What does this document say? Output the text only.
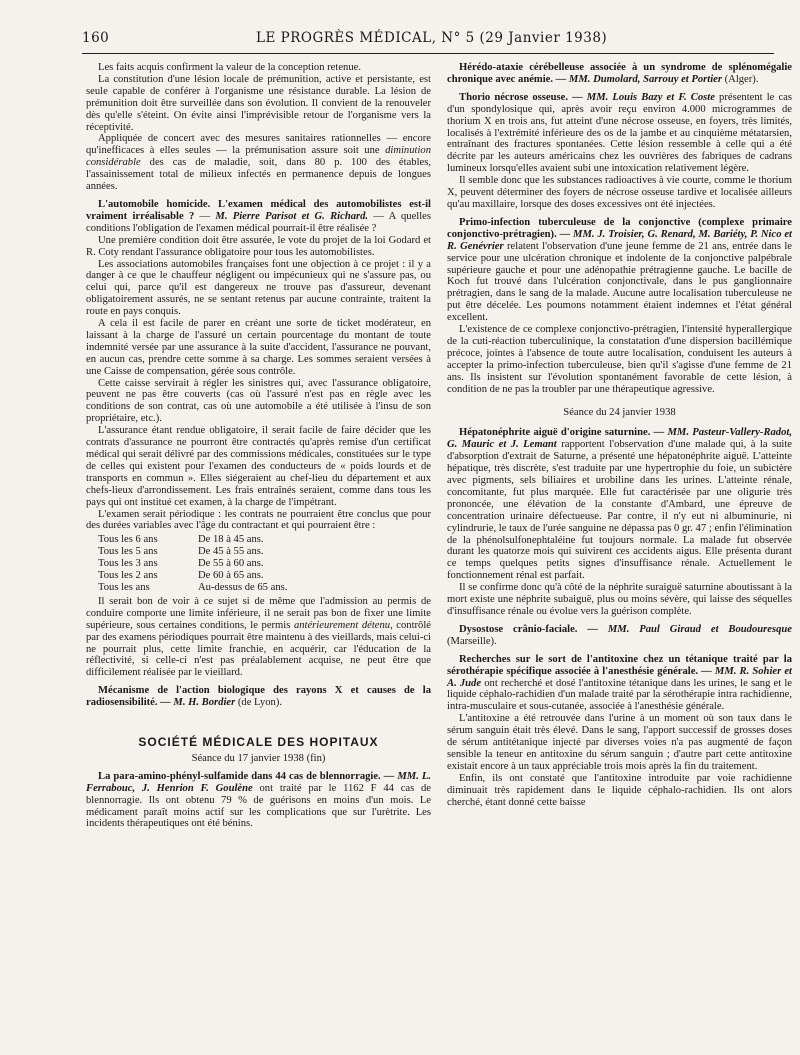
160	LE PROGRÈS MÉDICAL, N° 5 (29 Janvier 1938)

Les faits acquis confirment la valeur de la conception retenue.

La constitution d'une lésion locale de prémunition, active et persistante, est seule capable de conférer à l'organisme une résistance durable. La lésion de prémunition doit être surveillée dans son évolution. Il convient de la renouveler dès qu'elle s'éteint. On évite ainsi l'imprévisible retour de l'organisme vers la réceptivité.

Appliquée de concert avec des mesures sanitaires rationnelles — encore qu'inefficaces à elles seules — la prémunisation assure soit une diminution considérable des cas de maladie, soit, dans 80 p. 100 des étables, l'assainissement total de milieux infectés en permanence depuis de longues années.

L'automobile homicide. L'examen médical des automobilistes est-il vraiment irréalisable ? — M. Pierre Parisot et G. Richard. — A quelles conditions l'obligation de l'examen médical pourrait-il être réalisée ?

Une première condition doit être assurée, le vote du projet de la loi Godard et R. Coty rendant l'assurance obligatoire pour tous les automobilistes.

Les associations automobiles françaises font une objection à ce projet : il y a danger à ce que le chauffeur négligent ou impécunieux qui ne s'assure pas, ou celui qui, parce qu'il est dangereux ne trouve pas d'assureur, devenant obligatoirement assurés, ne se sentant retenus par aucune contrainte, traitent la route en pays conquis.

A cela il est facile de parer en créant une sorte de ticket modérateur, en laissant à la charge de l'assuré un certain pourcentage du montant de toute indemnité versée par une assurance à la suite d'accident, l'assurance ne pouvant, en aucun cas, prendre cette somme à sa charge. Les sommes seraient versées à une Caisse de compensation, gérée sous contrôle.

Cette caisse servirait à régler les sinistres qui, avec l'assurance obligatoire, peuvent ne pas être couverts (cas où l'assuré n'est pas en règle avec les conditions de son contrat, cas où une automobile a été utilisée à l'insu de son propriétaire, etc.).

L'assurance étant rendue obligatoire, il serait facile de faire décider que les contrats d'assurance ne pourront être contractés qu'après remise d'un certificat médical qui serait délivré par des commissions médicales, constituées sur le type de celles qui existent pour l'examen des conducteurs de « poids lourds et de transports en commun ». Elles siégeraient au chef-lieu du département et aux chefs-lieux d'arrondissement. Les frais entraînés seraient, comme dans tous les pays qui ont institué cet examen, à la charge de l'impétrant.

L'examen serait périodique : les contrats ne pourraient être conclus que pour des durées variables avec l'âge du contractant et qui pourraient être :

Tous les 6 ans	De 18 à 45 ans.
Tous les 5 ans	De 45 à 55 ans.
Tous les 3 ans	De 55 à 60 ans.
Tous les 2 ans	De 60 à 65 ans.
Tous les ans	Au-dessus de 65 ans.

Il serait bon de voir à ce sujet si de même que l'admission au permis de conduire comporte une limite inférieure, il ne serait pas bon de fixer une limite supérieure, sous certaines conditions, le permis antérieurement détenu, contrôlé par des examens périodiques pourrait être maintenu à des vieillards, mais celui-ci ne pourrait plus, cette limite franchie, en acquérir, car l'éducation de la réflectivité, si celle-ci n'est pas préalablement acquise, ne peut être que difficilement réalisée par le vieillard.

Mécanisme de l'action biologique des rayons X et causes de la radiosensibilité. — M. H. Bordier (de Lyon).

SOCIÉTÉ MÉDICALE DES HOPITAUX

Séance du 17 janvier 1938 (fin)

La para-amino-phényl-sulfamide dans 44 cas de blennorragie. — MM. L. Ferrabouc, J. Henrion F. Goulène ont traité par le 1162 F 44 cas de blennorragie. Ils ont obtenu 79 % de guérisons en moins d'un mois. Le médicament paraît moins actif sur les complications que sur l'urètrite. Les incidents thérapeutiques ont été bénins.

Hérédo-ataxie cérébelleuse associée à un syndrome de splénomégalie chronique avec anémie. — MM. Dumolard, Sarrouy et Portier (Alger).

Thorio nécrose osseuse. — MM. Louis Bazy et F. Coste présentent le cas d'un spondylosique qui, après avoir reçu environ 4.000 microgrammes de thorium X en trois ans, fut atteint d'une nécrose osseuse, en foyers, très limités, localisés à l'extrémité inférieure des os de la jambe et au cinquième métatarsien, entraînant des fractures spontanées. Cette lésion ressemble à celle qui a été décrite par les auteurs américains chez les ouvrières des fabriques de cadrans lumineux lorsqu'elles avaient subi une intoxication relativement légère.

Il semble donc que les substances radioactives à vie courte, comme le thorium X, peuvent déterminer des foyers de nécrose osseuse tardive et localisée ailleurs qu'au maxillaire, lorsque des doses excessives ont été injectées.

Primo-infection tuberculeuse de la conjonctive (complexe primaire conjonctivo-prétragien). — MM. J. Troisier, G. Renard, M. Bariéty, P. Nico et R. Genévrier relatent l'observation d'une jeune femme de 21 ans, entrée dans le service pour une ulcération chronique et indolente de la conjonctive palpébrale supérieure gauche et pour une adénopathie prétragienne gauche. Le bacille de Koch fut trouvé dans l'ulcération conjonctivale, dans le pus ganglionnaire prétragien, dans le sang de la malade. Aucune autre localisation tuberculeuse ne put être décelée. Les poumons notamment étaient indemnes et l'état général excellent.

L'existence de ce complexe conjonctivo-prétragien, l'intensité hyperallergique de la cuti-réaction tuberculinique, la constatation d'une dispersion bacillémique précoce, jointes à l'absence de toute autre localisation, conduisent les auteurs à accepter la primo-infection tuberculeuse, bien qu'il s'agisse d'une femme de 21 ans. Ils insistent sur l'évolution spontanément favorable de cette lésion, à condition de ne pas la troubler par une thérapeutique agressive.

Séance du 24 janvier 1938

Hépatonéphrite aiguë d'origine saturnine. — MM. Pasteur-Vallery-Radot, G. Mauric et J. Lemant rapportent l'observation d'une malade qui, à la suite d'absorption d'extrait de Saturne, a présenté une hépatonéphrite aiguë. L'atteinte hépatique, très discrète, s'est traduite par une hypertrophie du foie, un subictère avec pigments, sels biliaires et urobiline dans les urines. L'atteinte rénale, concomitante, fut plus marquée. Elle fut caractérisée par une oligurie très prononcée, une élévation de la constante d'Ambard, une épreuve de concentration urinaire défectueuse. Par contre, il n'y eut ni albuminurie, ni cylindrurie, le taux de l'urée sanguine ne dépassa pas 0 gr. 47 ; enfin l'élimination de la phénolsulfonephtaléine fut toujours normale. La malade fut observée durant les quatorze mois qui suivirent ces accidents aigus. Elle présenta durant ce temps quelques petits signes d'insuffisance rénale. Actuellement le fonctionnement rénal est parfait.

Il se confirme donc qu'à côté de la néphrite suraiguë saturnine aboutissant à la mort existe une néphrite subaiguë, plus ou moins sévère, qui laisse des séquelles d'insuffisance rénale ou évolue vers la guérison complète.

Dysostose crânio-faciale. — MM. Paul Giraud et Boudouresque (Marseille).

Recherches sur le sort de l'antitoxine chez un tétanique traité par la sérothérapie spécifique associée à l'anesthésie générale. — MM. R. Sohier et A. Jude ont recherché et dosé l'antitoxine tétanique dans les urines, le sang et le liquide céphalo-rachidien d'un malade traité par la sérothérapie intra rachidienne, intra-musculaire et sous-cutanée, associée à l'anesthésie générale.

L'antitoxine a été retrouvée dans l'urine à un moment où son taux dans le sérum sanguin était très élevé. Dans le sang, l'apport successif de grosses doses de sérum antitétanique injecté par diverses voies n'a pas augmenté de façon sensible la teneur en antitoxine du sérum sanguin ; d'autre part cette antitoxine existait encore à un taux appréciable trois mois après la fin du traitement.

Enfin, ils ont constaté que l'antitoxine introduite par voie rachidienne diminuait très rapidement dans le liquide céphalo-rachidien. Ils ont alors cherché, étant donné cette baisse
